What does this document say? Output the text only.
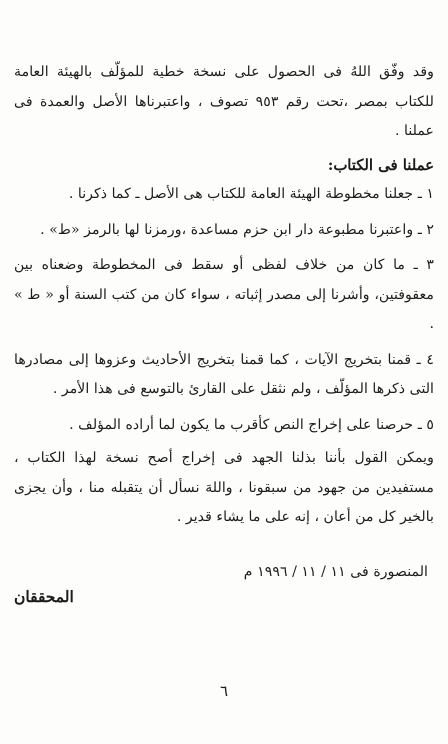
وقد وفّق اللهُ فى الحصول على نسخة خطية للمؤلّف بالهيئة العامة للكتاب بمصر ،تحت رقم ٩٥٣ تصوف ، واعتبرناها الأصل والعمدة فى عملنا .

عملنا فى الكتاب:

١ ـ جعلنا مخطوطة الهيئة العامة للكتاب هى الأصل ـ كما ذكرنا .

٢ ـ واعتبرنا مطبوعة دار ابن حزم مساعدة ،ورمزنا لها بالرمز «ط» .

٣ ـ ما كان من خلاف لفظى أو سقط فى المخطوطة وضعناه بين معقوفتين، وأشرنا إلى مصدر إثباته ، سواء كان من كتب السنة أو « ط » .

٤ ـ قمنا بتخريج الآيات ، كما قمنا بتخريج الأحاديث وعزوها إلى مصادرها التى ذكرها المؤلّف ، ولم نثقل على القارئ بالتوسع فى هذا الأمر .

٥ ـ حرصنا على إخراج النص كأقرب ما يكون لما أراده المؤلف .

ويمكن القول بأننا بذلنا الجهد فى إخراج أصح نسخة لهذا الكتاب ، مستفيدين من جهود من سبقونا ، واللهَ نسأل أن يتقبله منا ، وأن يجزى بالخير كل من أعان ، إنه على ما يشاء قدير .

المنصورة فى ١١ / ١١ / ١٩٩٦ م
المحققان
٦
